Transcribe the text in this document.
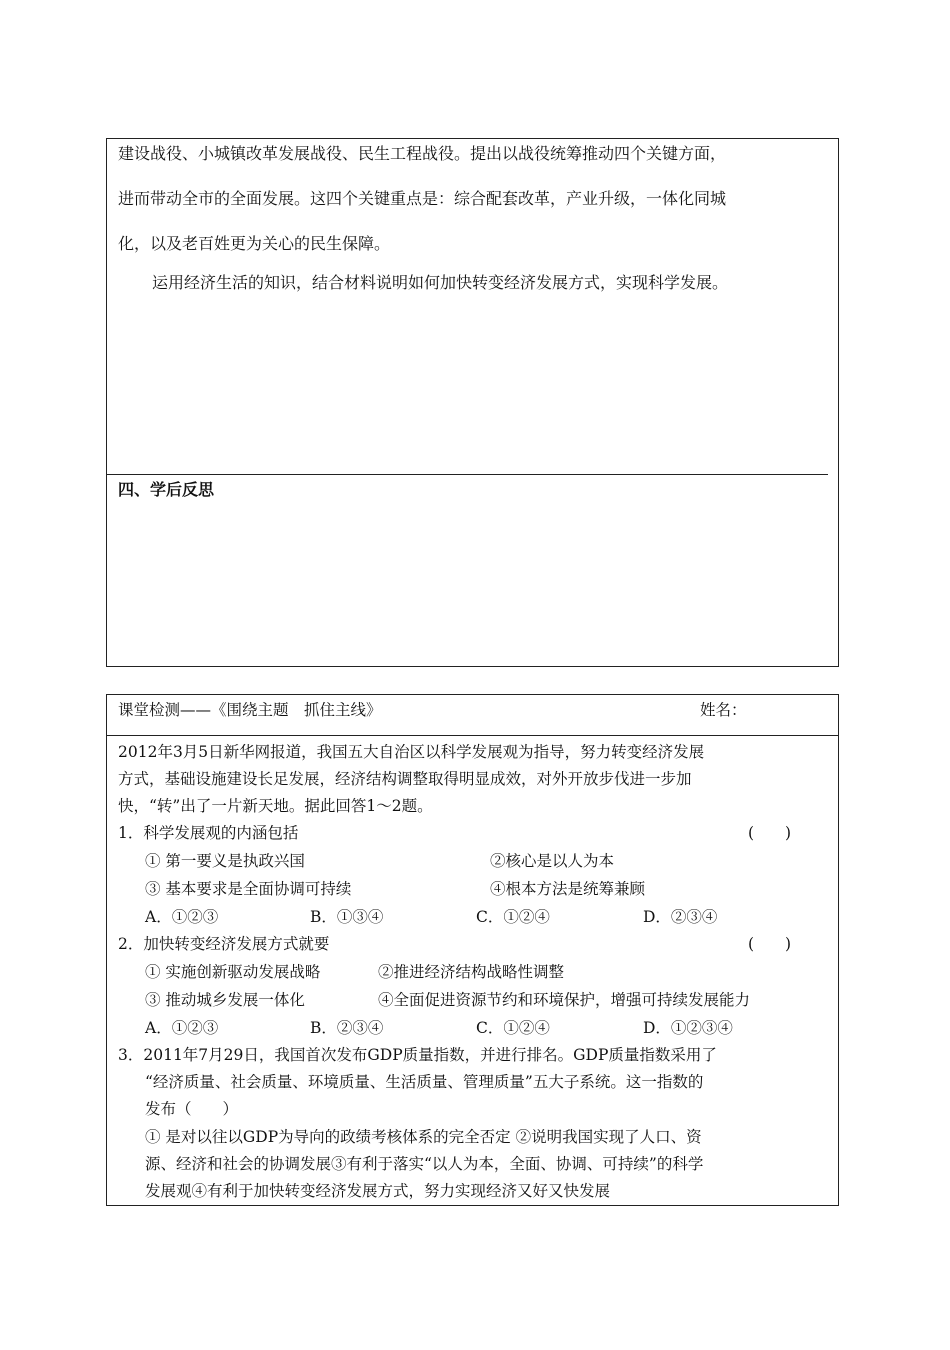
建设战役、小城镇改革发展战役、民生工程战役。提出以战役统筹推动四个关键方面，
进而带动全市的全面发展。这四个关键重点是：综合配套改革，产业升级，一体化同城
化，以及老百姓更为关心的民生保障。
运用经济生活的知识，结合材料说明如何加快转变经济发展方式，实现科学发展。
四、学后反思
课堂检测——《围绕主题　抓住主线》	姓名：
2012年3月5日新华网报道，我国五大自治区以科学发展观为指导，努力转变经济发展
方式，基础设施建设长足发展，经济结构调整取得明显成效，对外开放步伐进一步加
快，“转”出了一片新天地。据此回答1～2题。
1．科学发展观的内涵包括	(　　)
① 第一要义是执政兴国	②核心是以人为本
③ 基本要求是全面协调可持续	④根本方法是统筹兼顾
A．①②③	B．①③④	C．①②④	D．②③④
2．加快转变经济发展方式就要	(　　)
① 实施创新驱动发展战略	②推进经济结构战略性调整
③ 推动城乡发展一体化	④全面促进资源节约和环境保护，增强可持续发展能力
A．①②③	B．②③④	C．①②④	D．①②③④
3．2011年7月29日，我国首次发布GDP质量指数，并进行排名。GDP质量指数采用了
“经济质量、社会质量、环境质量、生活质量、管理质量”五大子系统。这一指数的
发布（　　）
① 是对以往以GDP为导向的政绩考核体系的完全否定 ②说明我国实现了人口、资
源、经济和社会的协调发展③有利于落实“以人为本，全面、协调、可持续”的科学
发展观④有利于加快转变经济发展方式，努力实现经济又好又快发展
